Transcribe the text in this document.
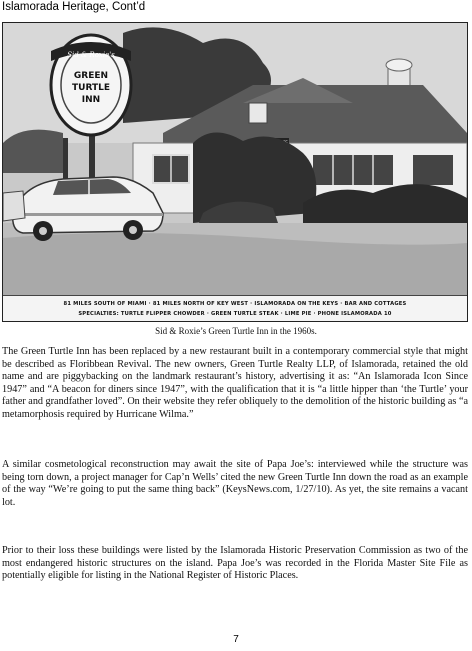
Islamorada Heritage, Cont’d
Sid & Roxie's
GREEN
TURTLE
INN
81 MILES SOUTH OF MIAMI · 81 MILES NORTH OF KEY WEST · ISLAMORADA ON THE KEYS · BAR AND COTTAGES
SPECIALTIES: TURTLE FLIPPER CHOWDER · GREEN TURTLE STEAK · LIME PIE · PHONE ISLAMORADA 10
Sid & Roxie’s Green Turtle Inn in the 1960s.

The Green Turtle Inn has been replaced by a new restaurant built in a contemporary commercial style that might be described as Floribbean Revival. The new owners, Green Turtle Realty LLP, of Islamorada, retained the old name and are piggybacking on the landmark restaurant’s history, advertising it as: “An Islamorada Icon Since 1947” and “A beacon for diners since 1947”, with the qualification that it is “a little hipper than ‘the Turtle’ your father and grandfather loved”. On their website they refer obliquely to the demolition of the historic building as “a metamorphosis required by Hurricane Wilma.”

A similar cosmetological reconstruction may await the site of Papa Joe’s: interviewed while the structure was being torn down, a project manager for Cap’n Wells’ cited the new Green Turtle Inn down the road as an example of the way “We’re going to put the same thing back” (KeysNews.com, 1/27/10). As yet, the site remains a vacant lot.

Prior to their loss these buildings were listed by the Islamorada Historic Preservation Commission as two of the most endangered historic structures on the island. Papa Joe’s was recorded in the Florida Master Site File as potentially eligible for listing in the National Register of Historic Places.

7
